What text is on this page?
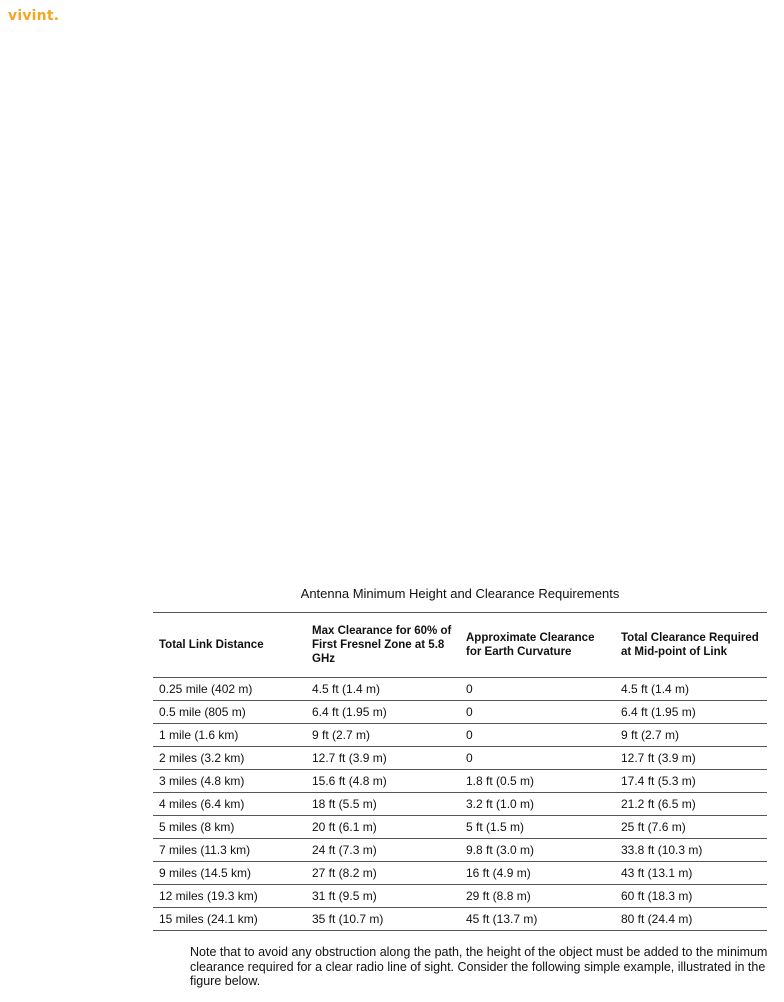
vivint.
Antenna Minimum Height and Clearance Requirements
Total Link Distance	Max Clearance for 60% of First Fresnel Zone at 5.8 GHz	Approximate Clearance for Earth Curvature	Total Clearance Required at Mid-point of Link
0.25 mile (402 m)	4.5 ft (1.4 m)	0	4.5 ft (1.4 m)
0.5 mile (805 m)	6.4 ft (1.95 m)	0	6.4 ft (1.95 m)
1 mile (1.6 km)	9 ft (2.7 m)	0	9 ft (2.7 m)
2 miles (3.2 km)	12.7 ft (3.9 m)	0	12.7 ft (3.9 m)
3 miles (4.8 km)	15.6 ft (4.8 m)	1.8 ft (0.5 m)	17.4 ft (5.3 m)
4 miles (6.4 km)	18 ft (5.5 m)	3.2 ft (1.0 m)	21.2 ft (6.5 m)
5 miles (8 km)	20 ft (6.1 m)	5 ft (1.5 m)	25 ft (7.6 m)
7 miles (11.3 km)	24 ft (7.3 m)	9.8 ft (3.0 m)	33.8 ft (10.3 m)
9 miles (14.5 km)	27 ft (8.2 m)	16 ft (4.9 m)	43 ft (13.1 m)
12 miles (19.3 km)	31 ft (9.5 m)	29 ft (8.8 m)	60 ft (18.3 m)
15 miles (24.1 km)	35 ft (10.7 m)	45 ft (13.7 m)	80 ft (24.4 m)
Note that to avoid any obstruction along the path, the height of the object must be added to the minimum clearance required for a clear radio line of sight. Consider the following simple example, illustrated in the figure below.
